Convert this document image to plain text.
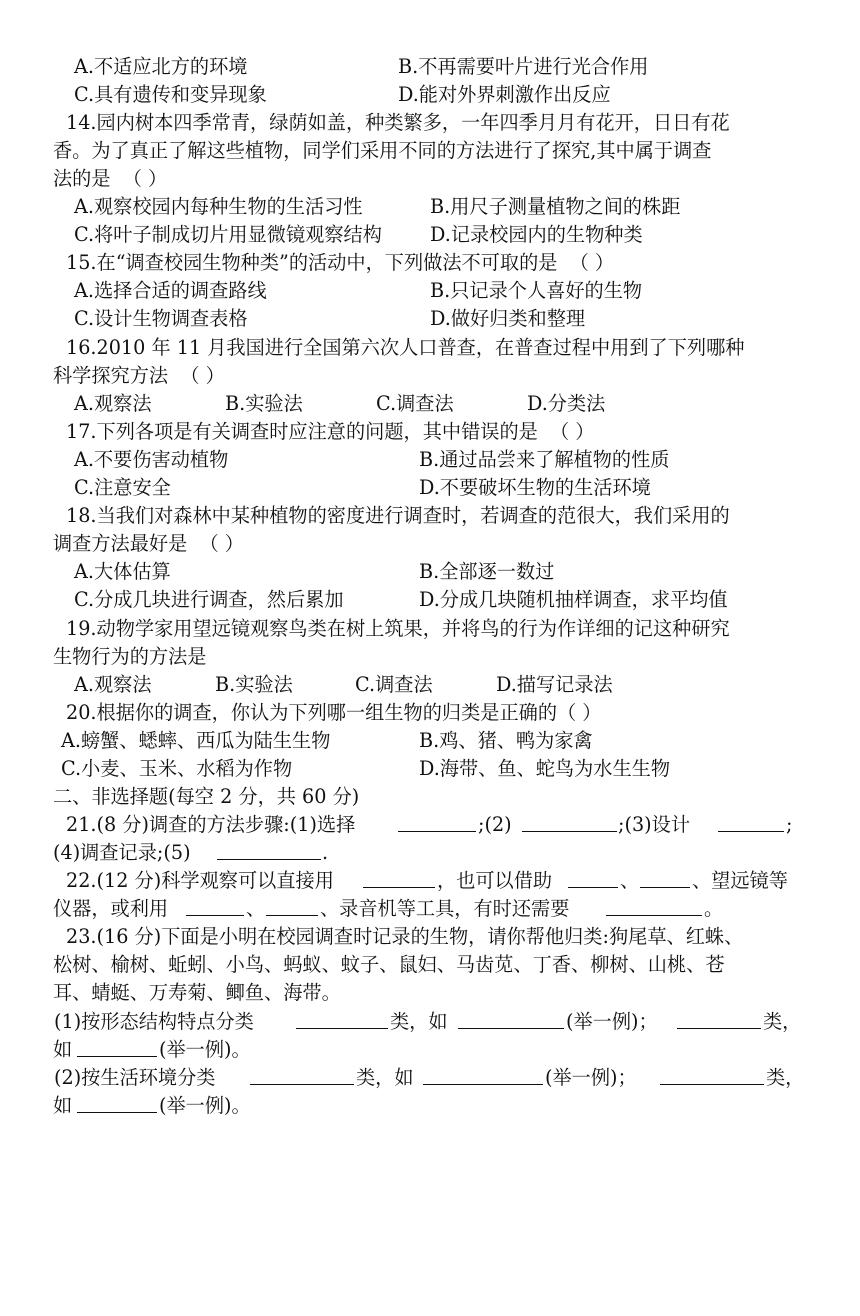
A.不适应北方的环境

	B.不再需要叶片进行光合作用

C.具有遗传和变异现象

	D.能对外界刺激作出反应

14.园内树本四季常青，绿荫如盖，种类繁多，一年四季月月有花开，日日有花

香。为了真正了解这些植物，同学们采用不同的方法进行了探究,其中属于调查

法的是  （ ）

A.观察校园内每种生物的生活习性

	B.用尺子测量植物之间的株距

C.将叶子制成切片用显微镜观察结构

	D.记录校园内的生物种类

15.在“调查校园生物种类”的活动中，下列做法不可取的是  （ ）

A.选择合适的调查路线

	B.只记录个人喜好的生物

C.设计生物调查表格

	D.做好归类和整理

16.2010 年 11 月我国进行全国第六次人口普查，在普查过程中用到了下列哪种

科学探究方法  （ ）

A.观察法

	B.实验法

	C.调查法

	D.分类法

17.下列各项是有关调查时应注意的问题，其中错误的是  （ ）

A.不要伤害动植物

	B.通过品尝来了解植物的性质

C.注意安全

	D.不要破坏生物的生活环境

18.当我们对森林中某种植物的密度进行调查时，若调查的范很大，我们采用的

调查方法最好是  （ ）

A.大体估算

	B.全部逐一数过

C.分成几块进行调查，然后累加

	D.分成几块随机抽样调查，求平均值

19.动物学家用望远镜观察鸟类在树上筑果，并将鸟的行为作详细的记这种研究

生物行为的方法是

A.观察法

	B.实验法

	C.调查法

	D.描写记录法

20.根据你的调查，你认为下列哪一组生物的归类是正确的（ ）

A.螃蟹、蟋蟀、西瓜为陆生生物

	B.鸡、猪、鸭为家禽

C.小麦、玉米、水稻为作物

	D.海带、鱼、蛇鸟为水生生物

二、非选择题(每空 2 分，共 60 分)

21.(8 分)调查的方法步骤:(1)选择

	;(2)

	;(3)设计

	;

(4)调查记录;(5)

	.

22.(12 分)科学观察可以直接用

	，也可以借助

	、

	、望远镜等

仪器，或利用

	、

	、录音机等工具，有时还需要

	。

23.(16 分)下面是小明在校园调查时记录的生物，请你帮他归类:狗尾草、红蛛、

松树、榆树、蚯蚓、小鸟、蚂蚁、蚊子、鼠妇、马齿苋、丁香、柳树、山桃、苍

耳、蜻蜓、万寿菊、鲫鱼、海带。

(1)按形态结构特点分类

	类，如

	(举一例)；

	类，

如

	(举一例)。

(2)按生活环境分类

	类，如

	(举一例)；

	类，

如

	(举一例)。
